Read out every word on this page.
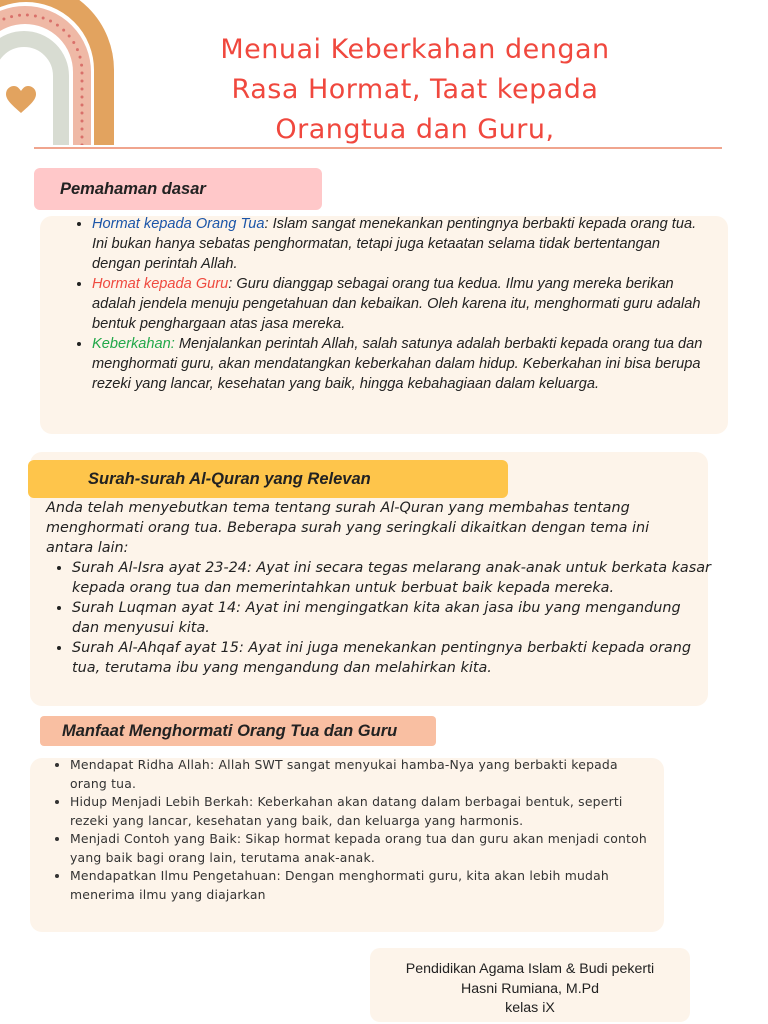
Menuai Keberkahan dengan
Rasa Hormat, Taat kepada
Orangtua dan Guru,
Pemahaman dasar
• Hormat kepada Orang Tua: Islam sangat menekankan pentingnya berbakti kepada orang tua. Ini bukan hanya sebatas penghormatan, tetapi juga ketaatan selama tidak bertentangan dengan perintah Allah.
• Hormat kepada Guru: Guru dianggap sebagai orang tua kedua. Ilmu yang mereka berikan adalah jendela menuju pengetahuan dan kebaikan. Oleh karena itu, menghormati guru adalah bentuk penghargaan atas jasa mereka.
• Keberkahan: Menjalankan perintah Allah, salah satunya adalah berbakti kepada orang tua dan menghormati guru, akan mendatangkan keberkahan dalam hidup. Keberkahan ini bisa berupa rezeki yang lancar, kesehatan yang baik, hingga kebahagiaan dalam keluarga.
Surah-surah Al-Quran yang Relevan
Anda telah menyebutkan tema tentang surah Al-Quran yang membahas tentang menghormati orang tua. Beberapa surah yang seringkali dikaitkan dengan tema ini antara lain:
• Surah Al-Isra ayat 23-24: Ayat ini secara tegas melarang anak-anak untuk berkata kasar kepada orang tua dan memerintahkan untuk berbuat baik kepada mereka.
• Surah Luqman ayat 14: Ayat ini mengingatkan kita akan jasa ibu yang mengandung dan menyusui kita.
• Surah Al-Ahqaf ayat 15: Ayat ini juga menekankan pentingnya berbakti kepada orang tua, terutama ibu yang mengandung dan melahirkan kita.
Manfaat Menghormati Orang Tua dan Guru
• Mendapat Ridha Allah: Allah SWT sangat menyukai hamba-Nya yang berbakti kepada orang tua.
• Hidup Menjadi Lebih Berkah: Keberkahan akan datang dalam berbagai bentuk, seperti rezeki yang lancar, kesehatan yang baik, dan keluarga yang harmonis.
• Menjadi Contoh yang Baik: Sikap hormat kepada orang tua dan guru akan menjadi contoh yang baik bagi orang lain, terutama anak-anak.
• Mendapatkan Ilmu Pengetahuan: Dengan menghormati guru, kita akan lebih mudah menerima ilmu yang diajarkan
Pendidikan Agama Islam & Budi pekerti
Hasni Rumiana, M.Pd
kelas iX
